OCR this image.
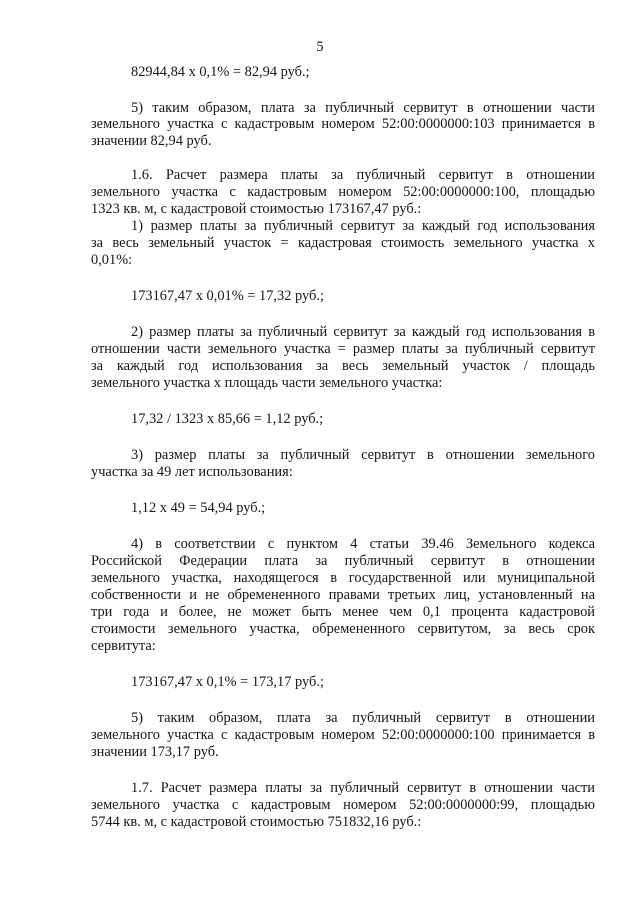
5
82944,84 х 0,1% = 82,94 руб.;
5) таким образом, плата за публичный сервитут в отношении части
земельного участка с кадастровым номером 52:00:0000000:103 принимается в
значении 82,94 руб.
1.6. Расчет размера платы за публичный сервитут в отношении
земельного участка с кадастровым номером 52:00:0000000:100, площадью
1323 кв. м, с кадастровой стоимостью 173167,47 руб.:
1) размер платы за публичный сервитут за каждый год использования
за весь земельный участок = кадастровая стоимость земельного участка х
0,01%:
173167,47 х 0,01% = 17,32 руб.;
2) размер платы за публичный сервитут за каждый год использования в
отношении части земельного участка = размер платы за публичный сервитут
за каждый год использования за весь земельный участок / площадь
земельного участка х площадь части земельного участка:
17,32 / 1323 х 85,66 = 1,12 руб.;
3) размер платы за публичный сервитут в отношении земельного
участка за 49 лет использования:
1,12 х 49 = 54,94 руб.;
4) в соответствии с пунктом 4 статьи 39.46 Земельного кодекса
Российской Федерации плата за публичный сервитут в отношении
земельного участка, находящегося в государственной или муниципальной
собственности и не обремененного правами третьих лиц, установленный на
три года и более, не может быть менее чем 0,1 процента кадастровой
стоимости земельного участка, обремененного сервитутом, за весь срок
сервитута:
173167,47 х 0,1% = 173,17 руб.;
5) таким образом, плата за публичный сервитут в отношении
земельного участка с кадастровым номером 52:00:0000000:100 принимается в
значении 173,17 руб.
1.7. Расчет размера платы за публичный сервитут в отношении части
земельного участка с кадастровым номером 52:00:0000000:99, площадью
5744 кв. м, с кадастровой стоимостью 751832,16 руб.:
